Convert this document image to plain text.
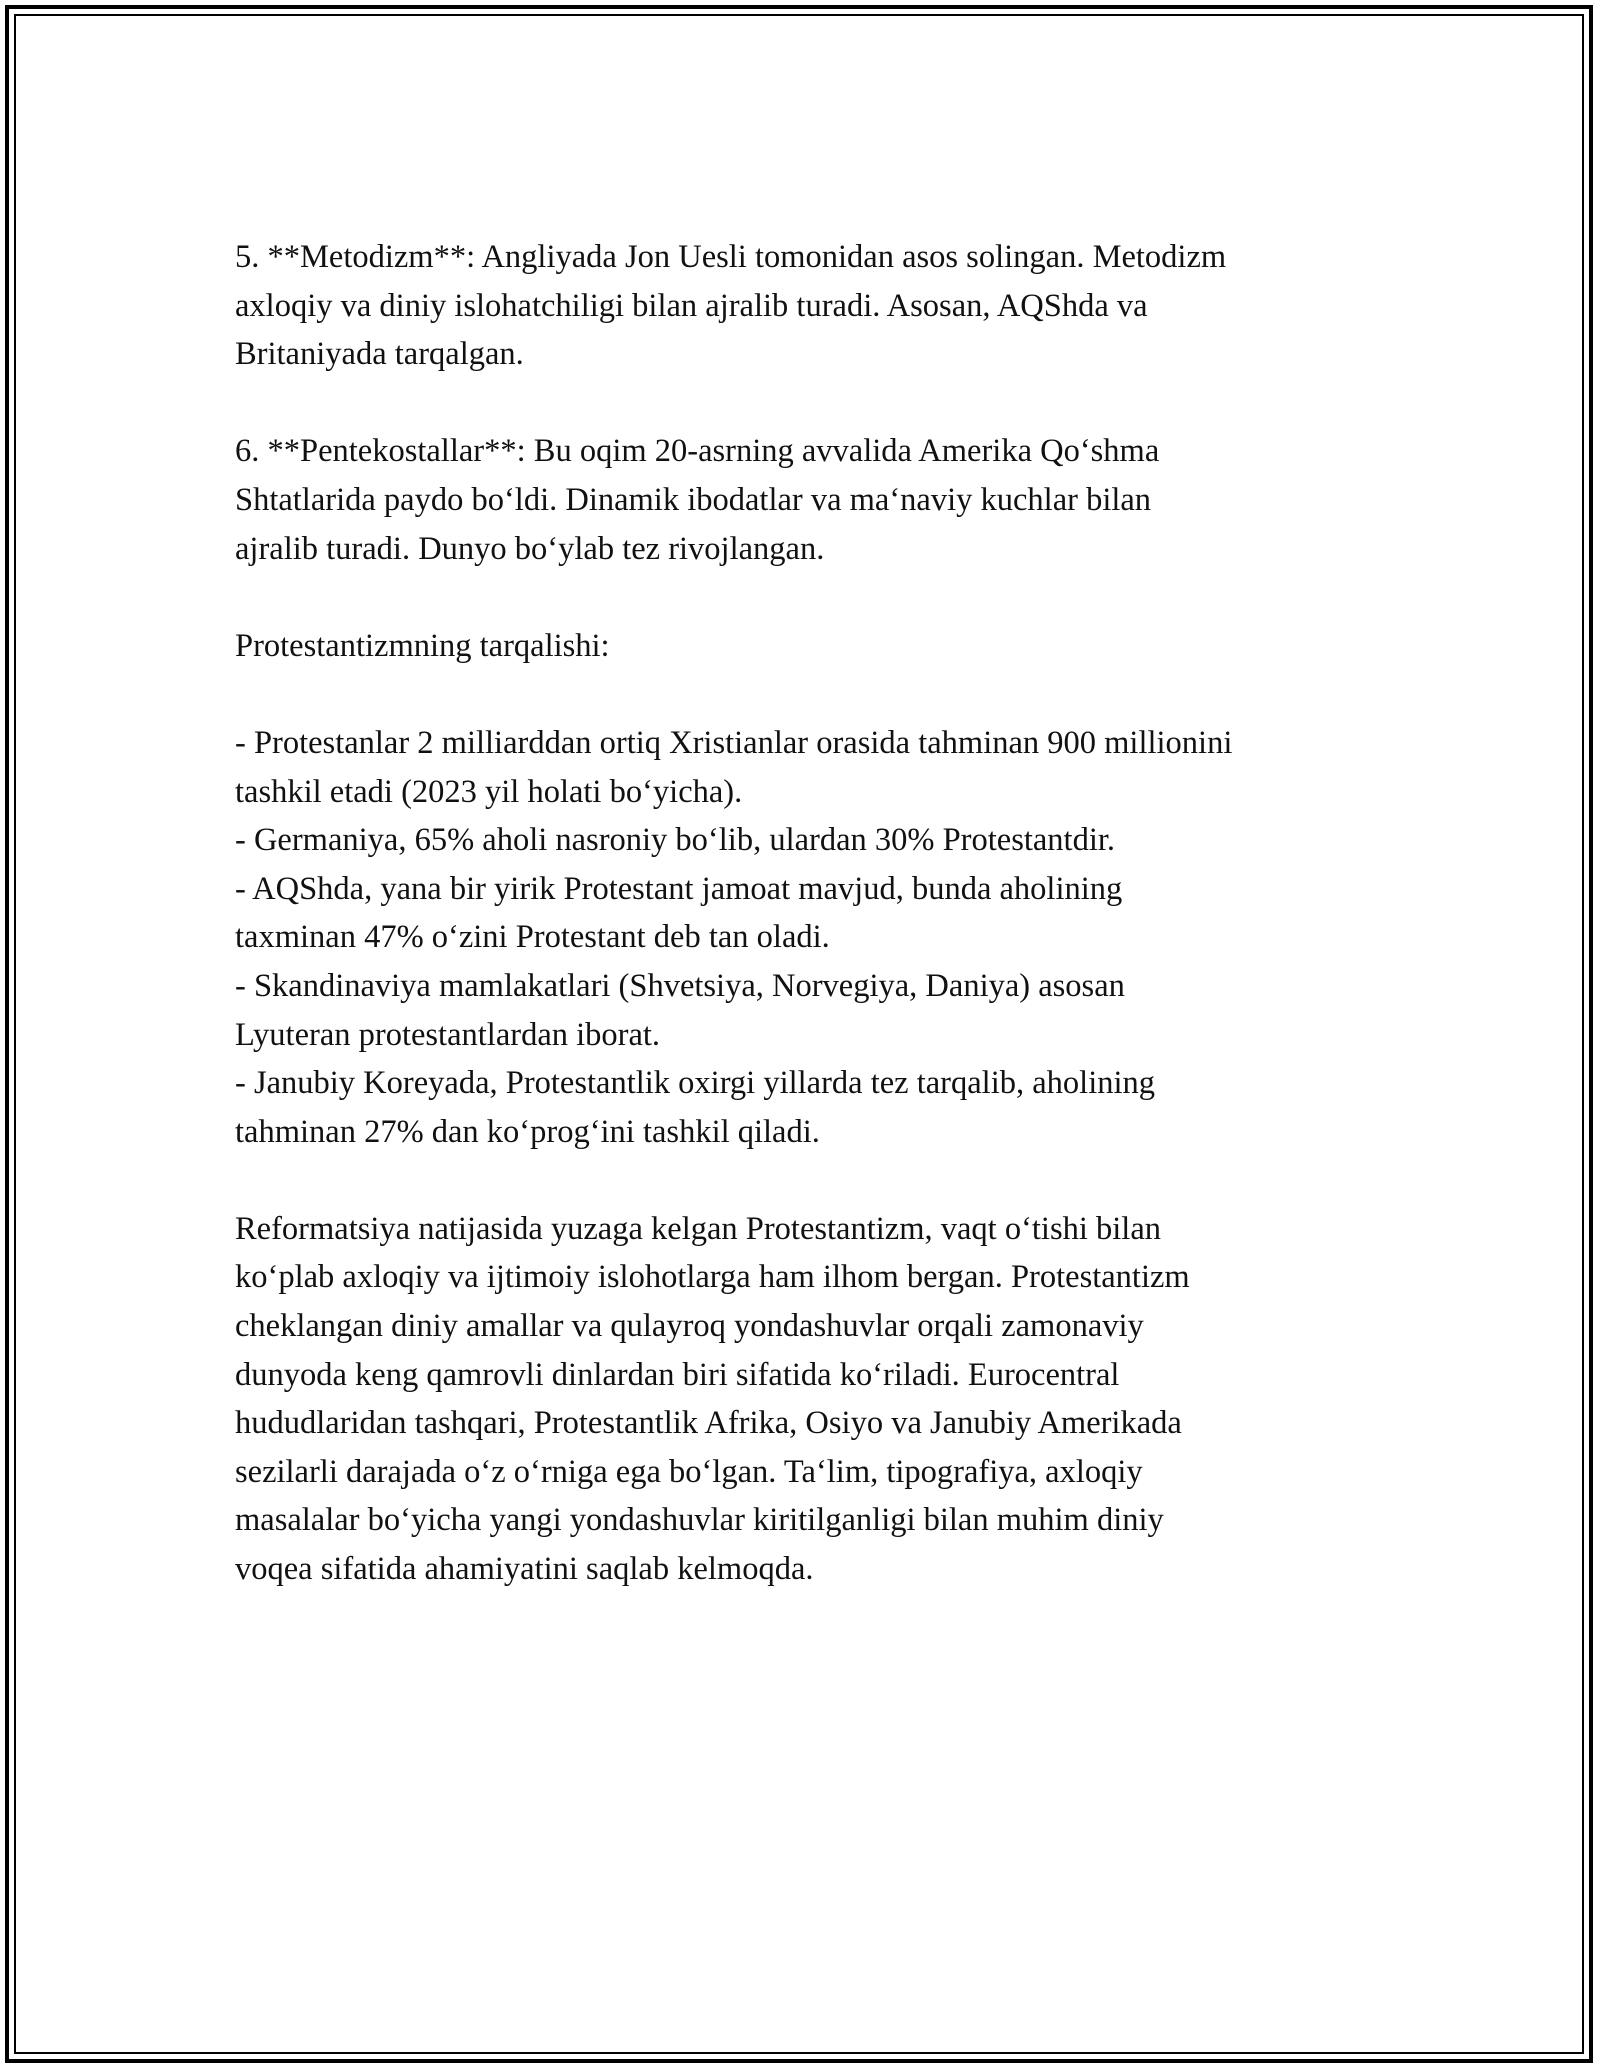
5. **Metodizm**: Angliyada Jon Uesli tomonidan asos solingan. Metodizm
axloqiy va diniy islohatchiligi bilan ajralib turadi. Asosan, AQShda va
Britaniyada tarqalgan.
6. **Pentekostallar**: Bu oqim 20-asrning avvalida Amerika Qo‘shma
Shtatlarida paydo bo‘ldi. Dinamik ibodatlar va ma‘naviy kuchlar bilan
ajralib turadi. Dunyo bo‘ylab tez rivojlangan.
Protestantizmning tarqalishi:
- Protestanlar 2 milliarddan ortiq Xristianlar orasida tahminan 900 millionini
tashkil etadi (2023 yil holati bo‘yicha).
- Germaniya, 65% aholi nasroniy bo‘lib, ulardan 30% Protestantdir.
- AQShda, yana bir yirik Protestant jamoat mavjud, bunda aholining
taxminan 47% o‘zini Protestant deb tan oladi.
- Skandinaviya mamlakatlari (Shvetsiya, Norvegiya, Daniya) asosan
Lyuteran protestantlardan iborat.
- Janubiy Koreyada, Protestantlik oxirgi yillarda tez tarqalib, aholining
tahminan 27% dan ko‘prog‘ini tashkil qiladi.
Reformatsiya natijasida yuzaga kelgan Protestantizm, vaqt o‘tishi bilan
ko‘plab axloqiy va ijtimoiy islohotlarga ham ilhom bergan. Protestantizm
cheklangan diniy amallar va qulayroq yondashuvlar orqali zamonaviy
dunyoda keng qamrovli dinlardan biri sifatida ko‘riladi. Eurocentral
hududlaridan tashqari, Protestantlik Afrika, Osiyo va Janubiy Amerikada
sezilarli darajada o‘z o‘rniga ega bo‘lgan. Ta‘lim, tipografiya, axloqiy
masalalar bo‘yicha yangi yondashuvlar kiritilganligi bilan muhim diniy
voqea sifatida ahamiyatini saqlab kelmoqda.
